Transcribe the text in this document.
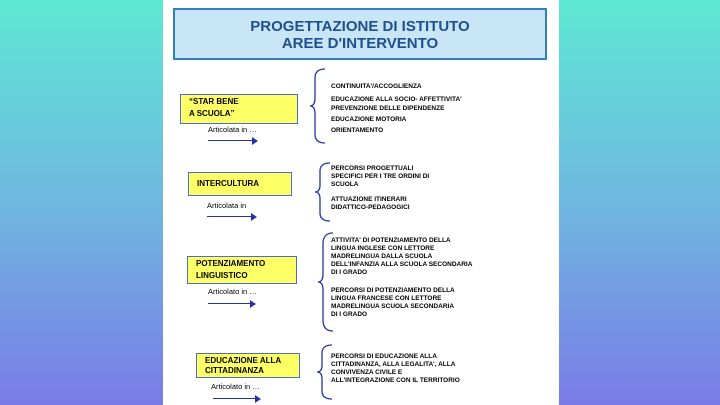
PROGETTAZIONE DI ISTITUTO
AREE D'INTERVENTO
“STAR BENE
A SCUOLA”
Articolata in …
CONTINUITA'/ACCOGLIENZA
EDUCAZIONE ALLA SOCIO- AFFETTIVITA'
PREVENZIONE DELLE DIPENDENZE
EDUCAZIONE MOTORIA
ORIENTAMENTO
INTERCULTURA
Articolata in
PERCORSI PROGETTUALI
SPECIFICI PER I TRE ORDINI DI
SCUOLA
ATTUAZIONE ITINERARI
DIDATTICO-PEDAGOGICI
POTENZIAMENTO
LINGUISTICO
Articolato in …
ATTIVITA' DI POTENZIAMENTO DELLA
LINGUA INGLESE CON LETTORE
MADRELINGUA DALLA SCUOLA
DELL'INFANZIA ALLA SCUOLA SECONDARIA
DI I GRADO
PERCORSI DI POTENZIAMENTO DELLA
LINGUA FRANCESE CON LETTORE
MADRELINGUA SCUOLA SECONDARIA
DI I GRADO
EDUCAZIONE ALLA
CITTADINANZA
Articolato in …
PERCORSI DI EDUCAZIONE ALLA
CITTADINANZA, ALLA LEGALITA', ALLA
CONVIVENZA CIVILE E
ALL'INTEGRAZIONE CON IL TERRITORIO
